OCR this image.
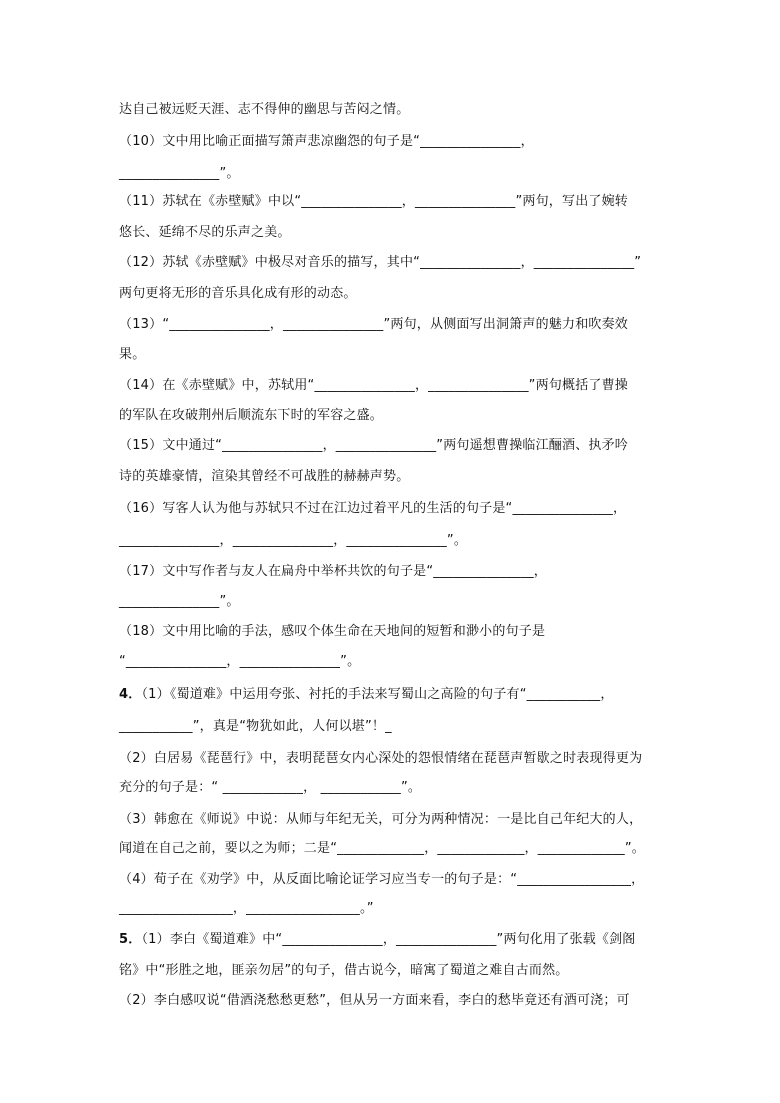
达自己被远贬天涯、志不得伸的幽思与苦闷之情。
（10）文中用比喻正面描写箫声悲凉幽怨的句子是“_______________，
_______________”。
（11）苏轼在《赤壁赋》中以“_______________，_______________”两句，写出了婉转
悠长、延绵不尽的乐声之美。
（12）苏轼《赤壁赋》中极尽对音乐的描写，其中“_______________，_______________”
两句更将无形的音乐具化成有形的动态。
（13）“_______________，_______________”两句，从侧面写出洞箫声的魅力和吹奏效
果。
（14）在《赤壁赋》中，苏轼用“_______________，_______________”两句概括了曹操
的军队在攻破荆州后顺流东下时的军容之盛。
（15）文中通过“_______________，_______________”两句遥想曹操临江酾酒、执矛吟
诗的英雄豪情，渲染其曾经不可战胜的赫赫声势。
（16）写客人认为他与苏轼只不过在江边过着平凡的生活的句子是“_______________，
_______________，_______________，_______________”。
（17）文中写作者与友人在扁舟中举杯共饮的句子是“_______________，
_______________”。
（18）文中用比喻的手法，感叹个体生命在天地间的短暂和渺小的句子是
“_______________，_______________”。
4．（1）《蜀道难》中运用夸张、衬托的手法来写蜀山之高险的句子有“___________，
___________”，真是“物犹如此，人何以堪”！_
（2）白居易《琵琶行》中，表明琵琶女内心深处的怨恨情绪在琵琶声暂歇之时表现得更为
充分的句子是：“ ____________， ____________”。
（3）韩愈在《师说》中说：从师与年纪无关，可分为两种情况：一是比自己年纪大的人，
闻道在自己之前，要以之为师；二是“_____________，_____________，_____________”。
（4）荀子在《劝学》中，从反面比喻论证学习应当专一的句子是：“_________________，
_________________，_________________。”
5．（1）李白《蜀道难》中“_______________，_______________”两句化用了张载《剑阁
铭》中“形胜之地，匪亲勿居”的句子，借古说今，暗寓了蜀道之难自古而然。
（2）李白感叹说“借酒浇愁愁更愁”，但从另一方面来看，李白的愁毕竟还有酒可浇；可
